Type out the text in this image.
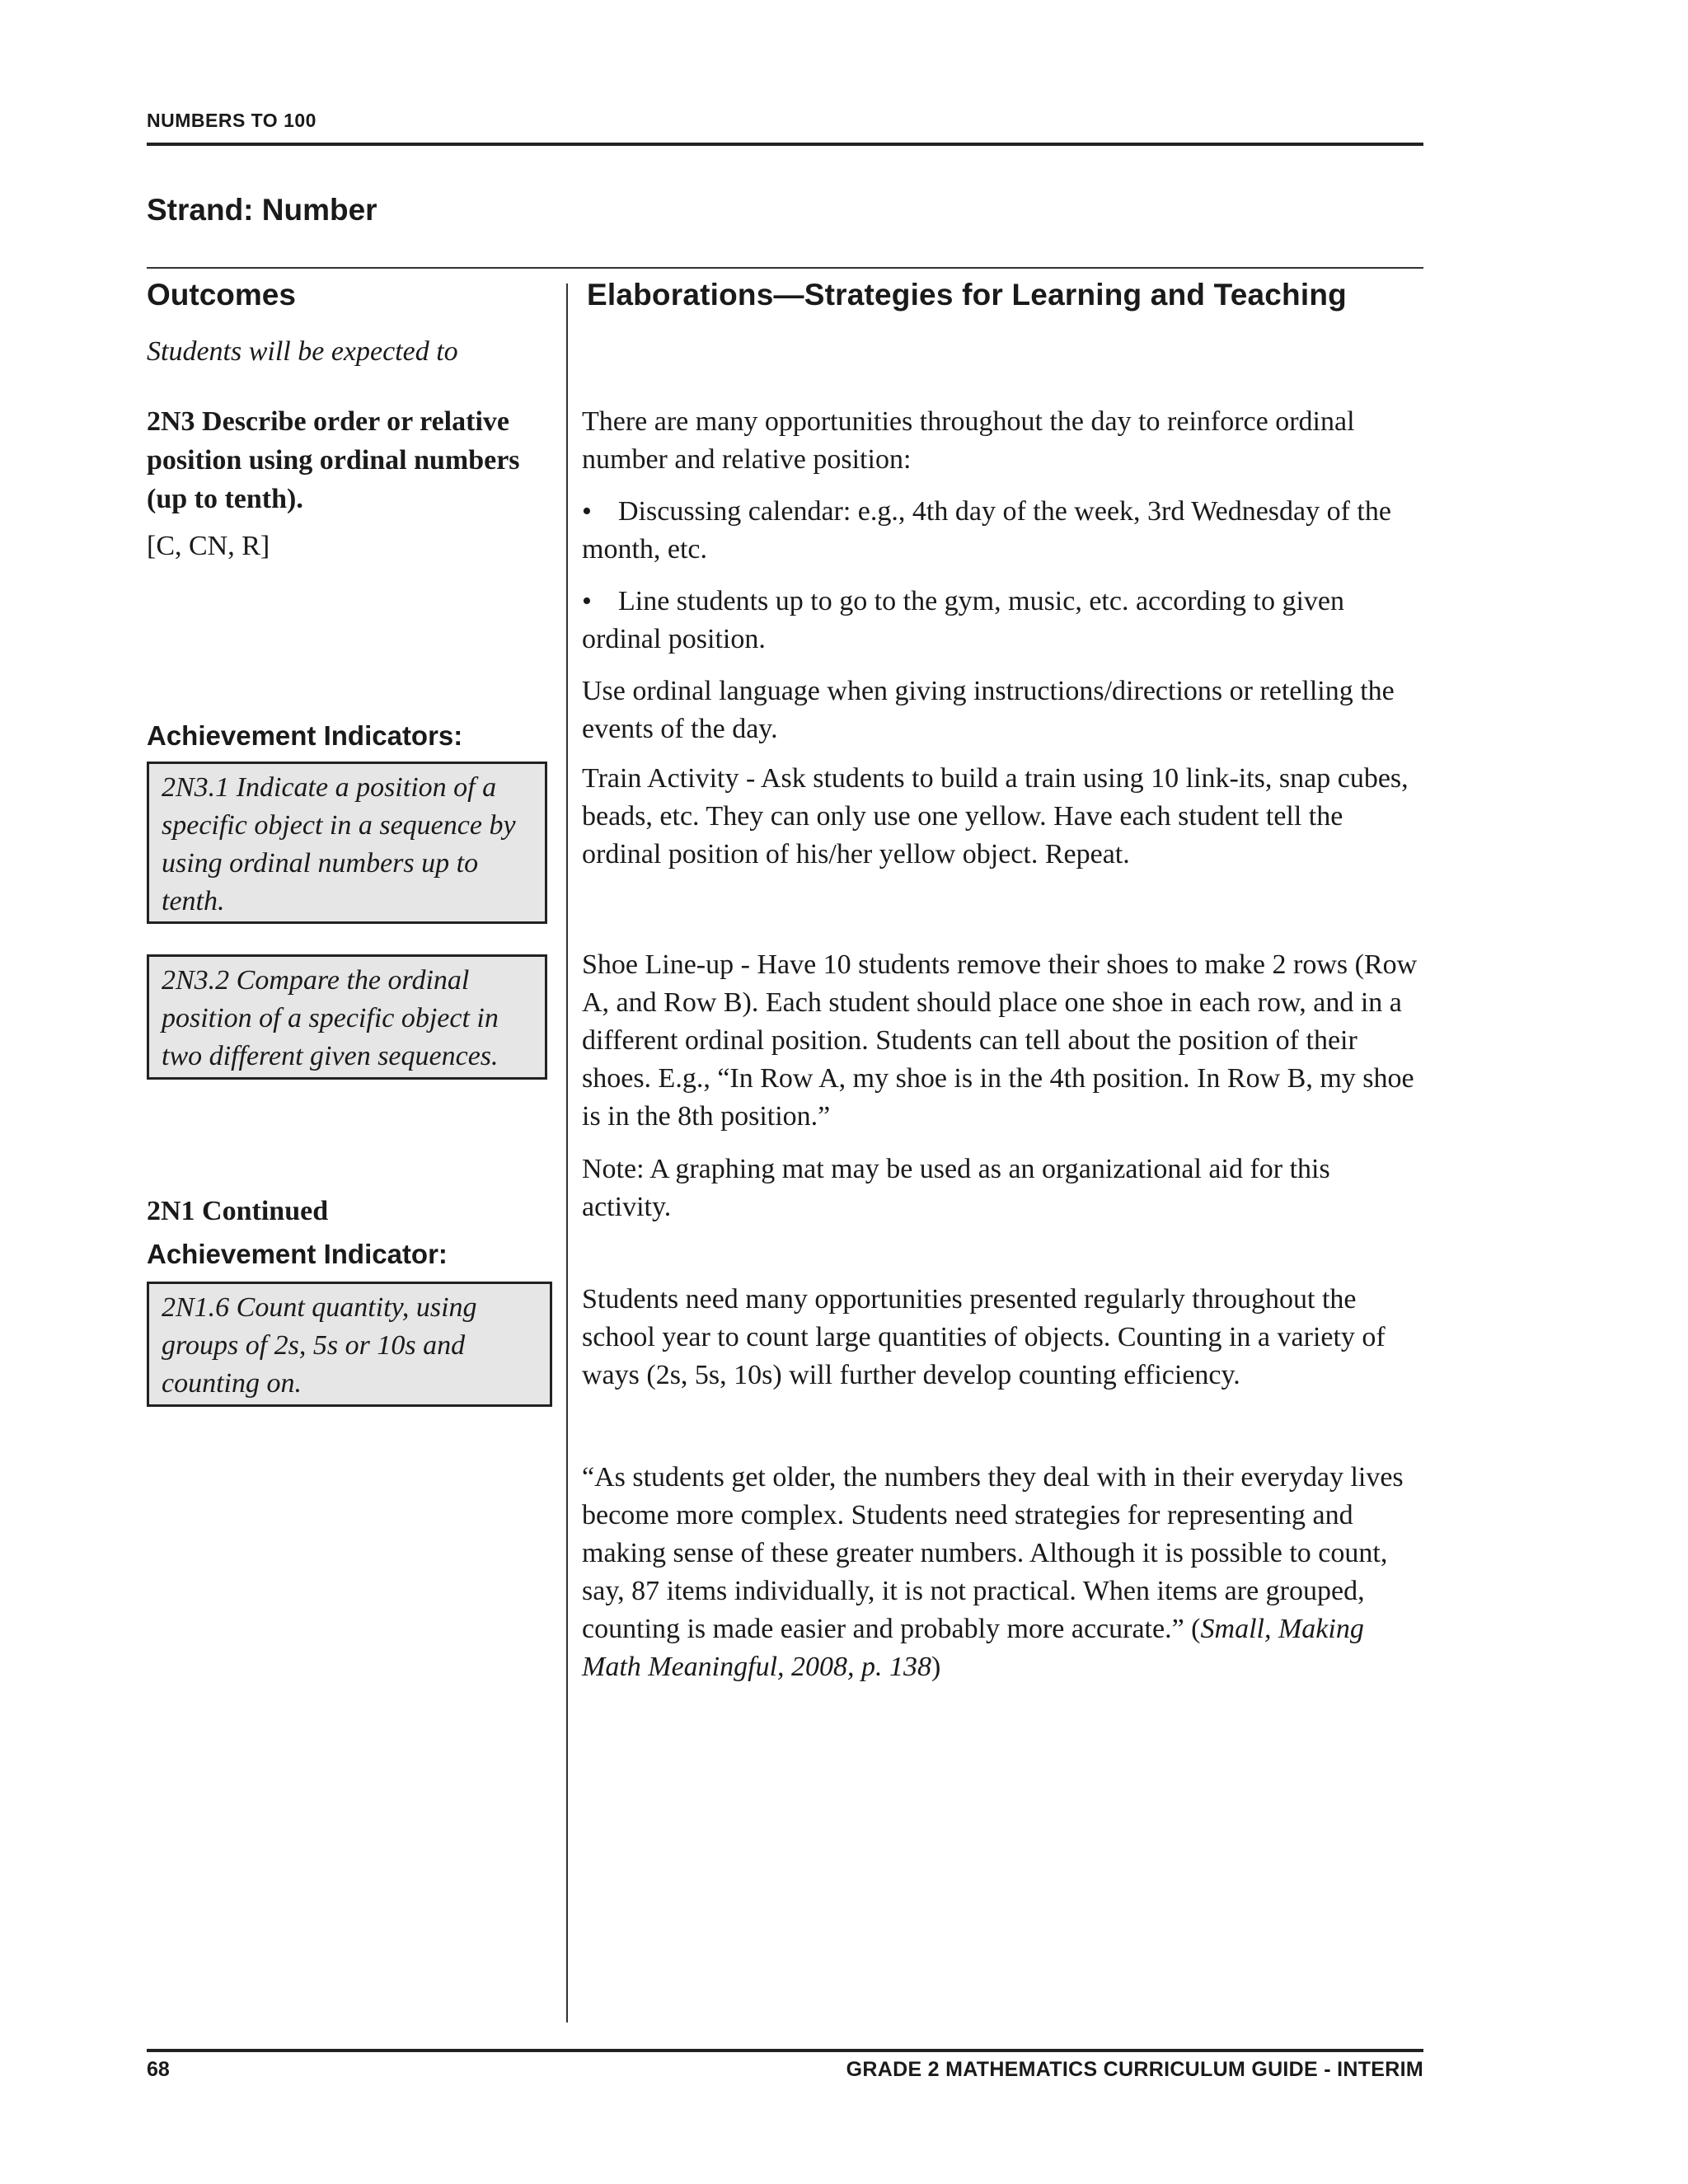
NUMBERS TO 100
Strand: Number
Outcomes
Students will be expected to
2N3 Describe order or relative position using ordinal numbers (up to tenth).
[C, CN, R]
Achievement Indicators:
2N3.1 Indicate a position of a specific object in a sequence by using ordinal numbers up to tenth.
2N3.2 Compare the ordinal position of a specific object in two different given sequences.
2N1 Continued
Achievement Indicator:
2N1.6 Count quantity, using groups of 2s, 5s or 10s and counting on.
Elaborations—Strategies for Learning and Teaching
There are many opportunities throughout the day to reinforce ordinal number and relative position:
• Discussing calendar: e.g., 4th day of the week, 3rd Wednesday of the month, etc.
• Line students up to go to the gym, music, etc. according to given ordinal position.
Use ordinal language when giving instructions/directions or retelling the events of the day.
Train Activity - Ask students to build a train using 10 link-its, snap cubes, beads, etc. They can only use one yellow. Have each student tell the ordinal position of his/her yellow object. Repeat.
Shoe Line-up - Have 10 students remove their shoes to make 2 rows (Row A, and Row B). Each student should place one shoe in each row, and in a different ordinal position. Students can tell about the position of their shoes. E.g., “In Row A, my shoe is in the 4th position. In Row B, my shoe is in the 8th position.”
Note: A graphing mat may be used as an organizational aid for this activity.
Students need many opportunities presented regularly throughout the school year to count large quantities of objects. Counting in a variety of ways (2s, 5s, 10s) will further develop counting efficiency.
“As students get older, the numbers they deal with in their everyday lives become more complex. Students need strategies for representing and making sense of these greater numbers. Although it is possible to count, say, 87 items individually, it is not practical. When items are grouped, counting is made easier and probably more accurate.” (Small, Making Math Meaningful, 2008, p. 138)
68	GRADE 2 MATHEMATICS CURRICULUM GUIDE - INTERIM
